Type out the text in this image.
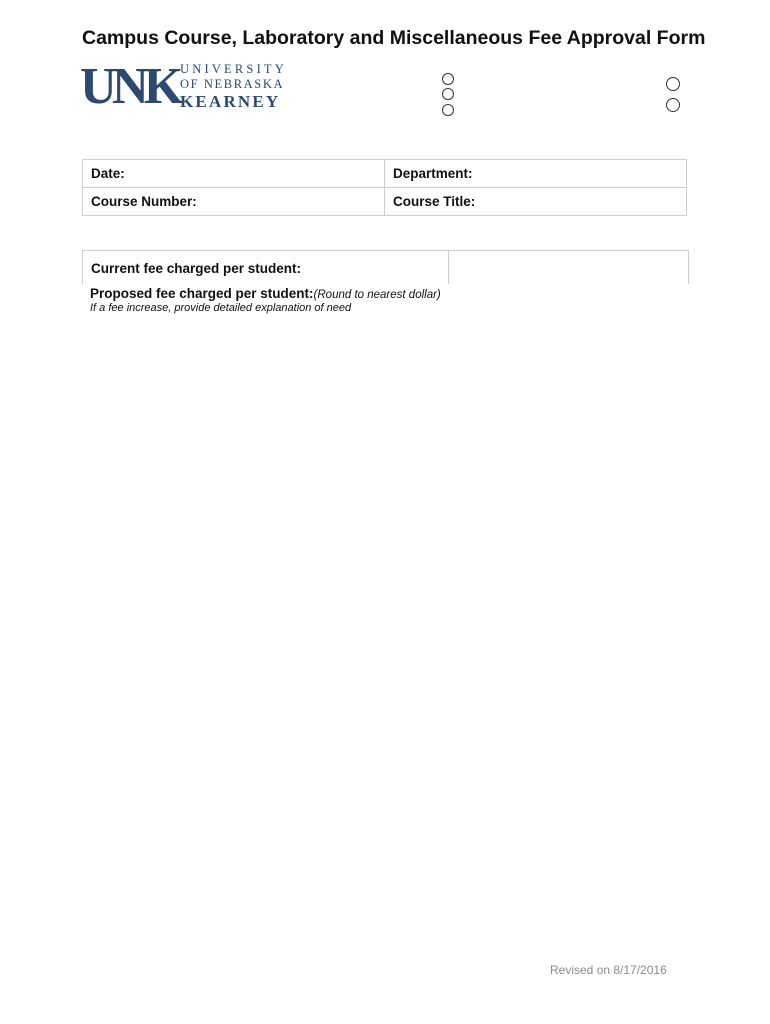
Campus Course, Laboratory and Miscellaneous Fee Approval Form
UNK UNIVERSITY
OF NEBRASKA
KEARNEY
Date:	Department:
Course Number:	Course Title:
Current fee charged per student:
Proposed fee charged per student:(Round to nearest dollar)
If a fee increase, provide detailed explanation of need
Revised on 8/17/2016
